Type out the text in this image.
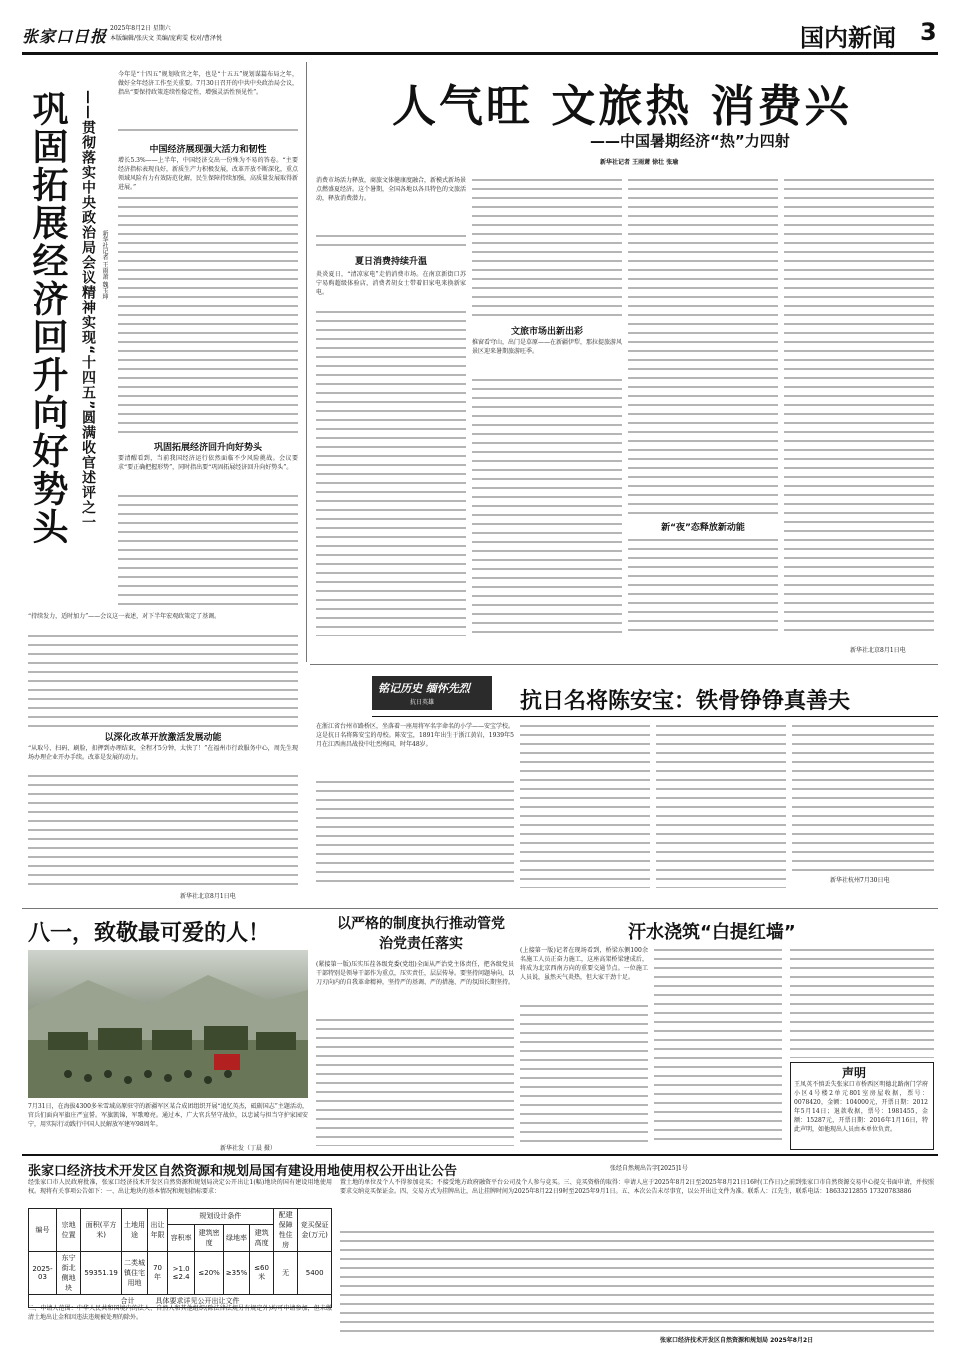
张家口日报 2025年8月2日 星期六
本版编辑/张庆文 美编/庞莉雯 校对/曹泽悦	国内新闻 3
巩固拓展经济回升向好势头 ——贯彻落实中央政治局会议精神实现“十四五”圆满收官述评之一 新华社记者 王雨萧 魏玉坤
今年是“十四五”规划收官之年，也是“十五五”规划谋篇布局之年，做好全年经济工作至关重要。7月30日召开的中共中央政治局会议，指出“要保持政策连续性稳定性，增强灵活性预见性”。
中国经济展现强大活力和韧性
增长5.3%——上半年，中国经济交出一份殊为不易的答卷。“主要经济指标表现良好，新质生产力积极发展，改革开放不断深化，重点领域风险有力有效防范化解，民生保障持续加强，高质量发展取得新进展。”
巩固拓展经济回升向好势头
要清醒看到，当前我国经济运行依然面临不少风险挑战。会议要求“要正确把握形势”，同时指出要“巩固拓展经济回升向好势头”。
“持续发力，适时加力”——会议这一表述，对下半年宏观政策定了基调。
以深化改革开放激活发展动能
“从取号、扫码、刷脸，扣押到办理结束，全程才5分钟，太快了！”在福州市行政服务中心，周先生现场办理企业开办手续。改革是发展的动力。
新华社北京8月1日电
人气旺 文旅热 消费兴
——中国暑期经济“热”力四射
新华社记者 王雨萧 徐壮 张瑜
消费市场活力释放，商旅文体健康度融合，新模式新场景点燃盛夏经济。这个暑期，全国各地以各具特色的文旅活动，释放消费潜力。
夏日消费持续升温
炎炎夏日，“清凉家电”走俏消费市场。在南京新街口苏宁易购超级体验店，消费者胡女士带着旧家电来换新家电。
文旅市场出新出彩
推窗看穹山，出门是草原——在新疆伊犁，那拉提旅游风景区迎来暑期旅游旺季。
新“夜”态释放新动能
新华社北京8月1日电
铭记历史 缅怀先烈
抗日英雄	抗日名将陈安宝：铁骨铮铮真善夫
在浙江省台州市路桥区，坐落着一座用将军名字命名的小学——安宝学校。这是抗日名将陈安宝的母校。陈安宝，1891年出生于浙江黄岩，1939年5月在江西南昌战役中壮烈殉国，时年48岁。
新华社杭州7月30日电
八一，致敬最可爱的人！
7月31日，在海拔4300多米雪域高原驻守的新疆军区某合成团组织开展“追忆英杰，砥砺国志”主题活动，官兵们面向军旗庄严宣誓。军旗凯锦，军歌嘹亮。通过本，广大官兵坚守战位，以忠诚与担当守护家园安宁，用实际行动践行中国人民解放军建军98周年。
新华社发（丁晨 摄）
以严格的制度执行推动管党治党责任落实
(紧接第一版)压实压茬各级党委(党组)全面从严治党主体责任，把各级党员干部特别是领导干部作为重点，压实责任，层层传导。要坚持问题导向，以刀刃向内的自我革命精神，坚持严的基调、严的措施、严的氛围长期坚持。
汗水浇筑“白提红墙”
(上接第一版)记者在现场看到，桥梁东侧100余名施工人员正奋力施工，这座高架桥梁建成后，将成为北京西南方向的重要交通节点。一位施工人员说，虽然天气炎热，但大家干劲十足。
声明
王凤英不慎丢失张家口市桥西区明德北路南门学府小区4号楼2单元801室房屋收据，票号：0078420，金额：104000元，开票日期：2012年5月14日；退款收据，票号：1981455，金额：15287元，开票日期：2016年1月16日，特此声明，如他现出人员由本单位负责。
张家口经济技术开发区自然资源和规划局国有建设用地使用权公开出让公告	张经自然规出告字[2025]1号
经张家口市人民政府批准，张家口经济技术开发区自然资源和规划局决定公开出让1(幅)地块的国有建设用地使用权。现将有关事项公告如下：一、出让地块的基本情况和规划指标要求：
编号	宗地位置	面积(平方米)	土地用途	出让年限	规划设计条件				配建保障性住房	竞买保证金(万元)
					容积率	建筑密度	绿地率	建筑高度		
2025-03	东宁街北侧地块	59351.19	二类城镇住宅用地	70年	>1.0 ≤2.4	≤20%	≥35%	≤60米	无	5400
合计　　　具体要求详见公开出让文件										
二、申请人范围：中华人民共和国境内的法人、自然人和其他组织(除法律法规另有规定外)均可申请参加，但未缴清土地出让金和因违法违规被处理的除外。
置土地的单位及个人不得参加竞买；不接受地方政府融资平台公司及个人参与竞买。三、竞买资格的取得：申请人应于2025年8月2日至2025年8月21日16时(工作日)之前到张家口市自然资源交易中心提交书面申请，并按照要求交纳竞买保证金。四、交易方式为挂牌出让，出让挂牌时间为2025年8月22日9时至2025年9月1日。五、本次公告未尽事宜，以公开出让文件为准。联系人：江先生，联系电话：18633212855 17320783886
张家口经济技术开发区自然资源和规划局 2025年8月2日
